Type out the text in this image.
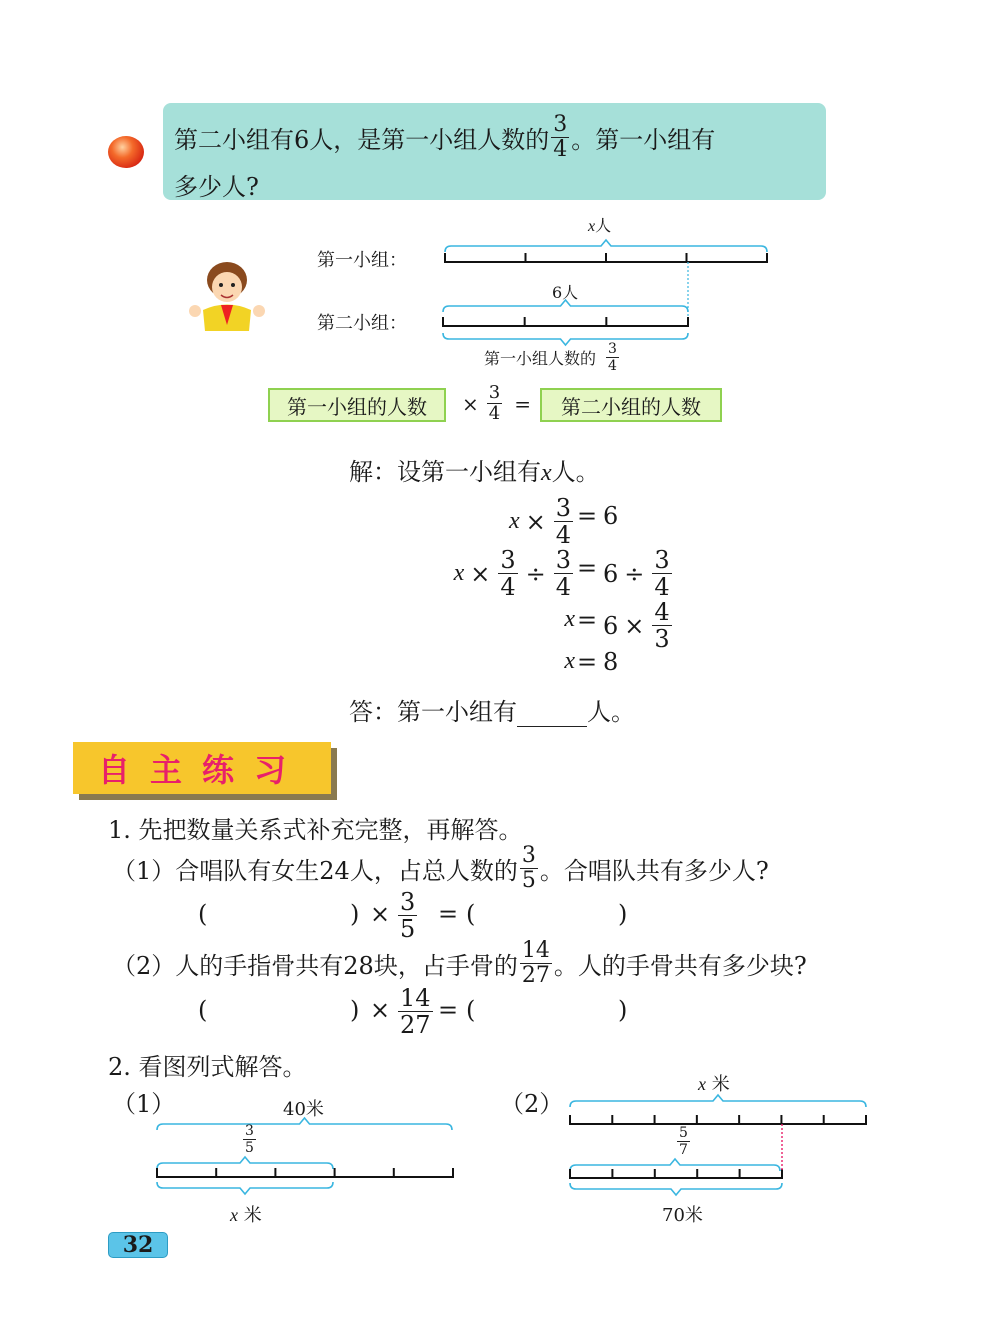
第二小组有6人，是第一小组人数的 $\frac{3}{4}$ 。第一小组有
多少人?
第一小组：
第二小组：
x人
6人
第一小组人数的 $\frac{3}{4}$
第一小组的人数	× $\frac{3}{4}$ =	第二小组的人数
解：设第一小组有x人。
$x \times \frac{3}{4} = 6$
$x \times \frac{3}{4} \div \frac{3}{4} = 6 \div \frac{3}{4}$
$x = 6 \times \frac{4}{3}$
x = 8
答：第一小组有	人。
自主练习
1. 先把数量关系式补充完整，再解答。
（1） 合唱队有女生24人，占总人数的 $\frac{3}{5}$ 。合唱队共有多少人?
(	) × $\frac{3}{5}$ = (	)
（2） 人的手指骨共有28块，占手骨的 $\frac{14}{27}$ 。人的手骨共有多少块?
(	) × $\frac{14}{27}$ = (	)
2. 看图列式解答。
（1）	（2）
40米
$\frac{3}{5}$
x 米
x 米
$\frac{5}{7}$
70米
32
